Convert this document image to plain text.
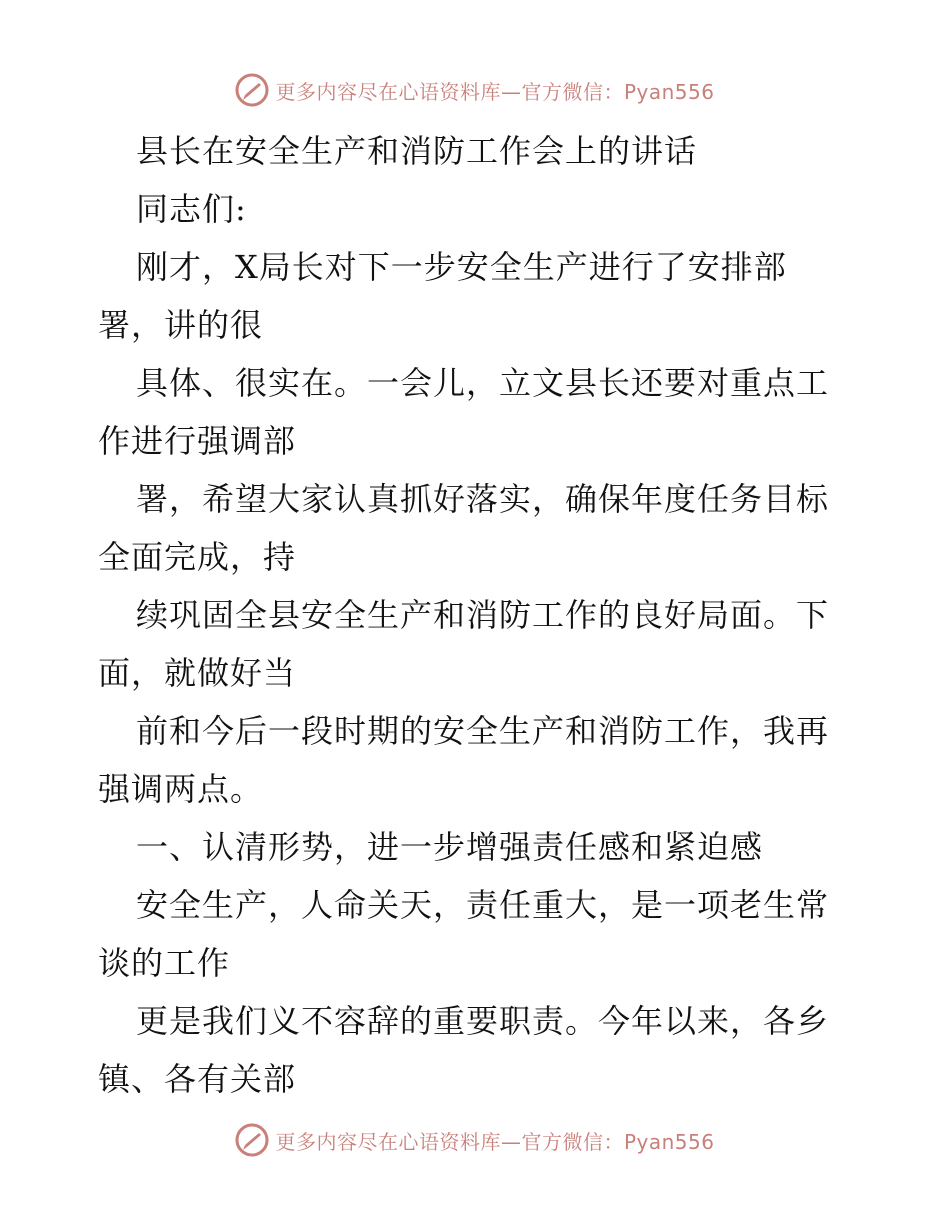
更多内容尽在心语资料库—官方微信：Pyan556
县长在安全生产和消防工作会上的讲话
同志们:
刚才，X局长对下一步安全生产进行了安排部
署，讲的很
具体、很实在。一会儿，立文县长还要对重点工
作进行强调部
署，希望大家认真抓好落实，确保年度任务目标
全面完成，持
续巩固全县安全生产和消防工作的良好局面。下
面，就做好当
前和今后一段时期的安全生产和消防工作，我再
强调两点。
一、认清形势，进一步增强责任感和紧迫感
安全生产，人命关天，责任重大，是一项老生常
谈的工作
更是我们义不容辞的重要职责。今年以来，各乡
镇、各有关部
更多内容尽在心语资料库—官方微信：Pyan556
